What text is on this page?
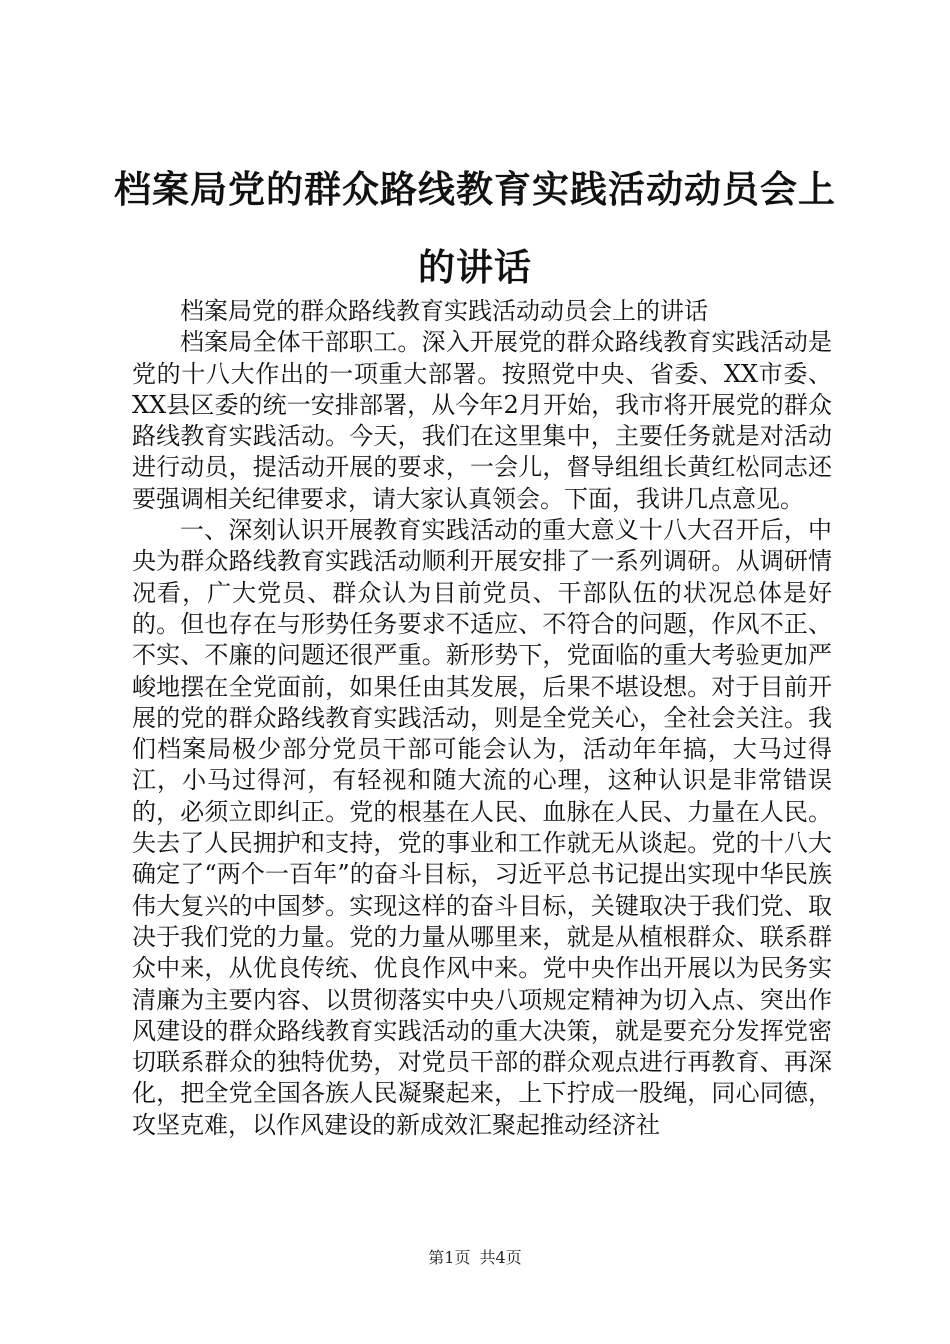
档案局党的群众路线教育实践活动动员会上的讲话

档案局党的群众路线教育实践活动动员会上的讲话

档案局全体干部职工。深入开展党的群众路线教育实践活动是党的十八大作出的一项重大部署。按照党中央、省委、XX市委、XX县区委的统一安排部署，从今年2月开始，我市将开展党的群众路线教育实践活动。今天，我们在这里集中，主要任务就是对活动进行动员，提活动开展的要求，一会儿，督导组组长黄红松同志还要强调相关纪律要求，请大家认真领会。下面，我讲几点意见。

一、深刻认识开展教育实践活动的重大意义十八大召开后，中央为群众路线教育实践活动顺利开展安排了一系列调研。从调研情况看，广大党员、群众认为目前党员、干部队伍的状况总体是好的。但也存在与形势任务要求不适应、不符合的问题，作风不正、不实、不廉的问题还很严重。新形势下，党面临的重大考验更加严峻地摆在全党面前，如果任由其发展，后果不堪设想。对于目前开展的党的群众路线教育实践活动，则是全党关心，全社会关注。我们档案局极少部分党员干部可能会认为，活动年年搞，大马过得江，小马过得河，有轻视和随大流的心理，这种认识是非常错误的，必须立即纠正。党的根基在人民、血脉在人民、力量在人民。失去了人民拥护和支持，党的事业和工作就无从谈起。党的十八大确定了“两个一百年”的奋斗目标，习近平总书记提出实现中华民族伟大复兴的中国梦。实现这样的奋斗目标，关键取决于我们党、取决于我们党的力量。党的力量从哪里来，就是从植根群众、联系群众中来，从优良传统、优良作风中来。党中央作出开展以为民务实清廉为主要内容、以贯彻落实中央八项规定精神为切入点、突出作风建设的群众路线教育实践活动的重大决策，就是要充分发挥党密切联系群众的独特优势，对党员干部的群众观点进行再教育、再深化，把全党全国各族人民凝聚起来，上下拧成一股绳，同心同德，攻坚克难，以作风建设的新成效汇聚起推动经济社

第1页 共4页
